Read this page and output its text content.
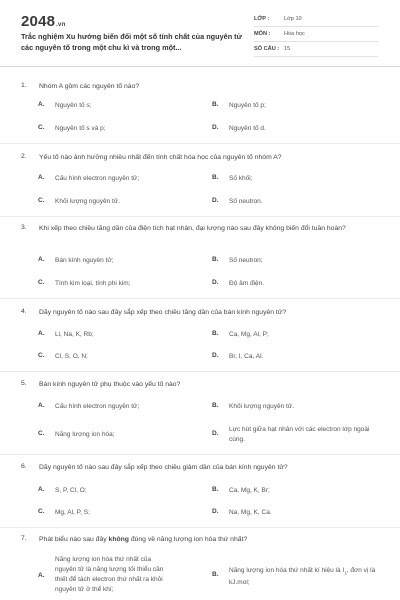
2048.vn
Trắc nghiệm Xu hướng biến đổi một số tính chất của nguyên tử các nguyên tố trong một chu kì và trong một...
LỚP :	Lớp 10
MÔN : Hóa học
SỐ CÂU : 15
1. Nhóm A gồm các nguyên tố nào?
A. Nguyên tố s;	B. Nguyên tố p;
C. Nguyên tố s và p;	D. Nguyên tố d.
2. Yếu tố nào ảnh hưởng nhiều nhất đến tính chất hóa học của nguyên tố nhóm A?
A. Cấu hình electron nguyên tử;	B. Số khối;
C. Khối lượng nguyên tử.	D. Số neutron.
3. Khi xếp theo chiều tăng dần của điện tích hạt nhân, đại lượng nào sau đây không biến đổi tuần hoàn?
A. Bán kính nguyên tử;	B. Số neutron;
C. Tính kim loại, tính phi kim;	D. Độ âm điện.
4. Dãy nguyên tố nào sau đây sắp xếp theo chiều tăng dần của bán kính nguyên tử?
A. Li, Na, K, Rb;	B. Ca, Mg, Al, P;
C. Cl, S, O, N;	D. Br, I, Ca, Al.
5. Bán kính nguyên tử phụ thuộc vào yếu tố nào?
A. Cấu hình electron nguyên tử;	B. Khối lượng nguyên tử.
C. Năng lượng ion hóa;	D.
Lực hút giữa hạt nhân với các electron lớp ngoài cùng.
6. Dãy nguyên tố nào sau đây sắp xếp theo chiều giảm dần của bán kính nguyên tử?
A. S, P, Cl, O;	B. Ca, Mg, K, Br;
C. Mg, Al, P, S;	D. Na, Mg, K, Ca.
7. Phát biểu nào sau đây không đúng về năng lượng ion hóa thứ nhất?
A.
Năng lượng ion hóa thứ nhất của nguyên tử là năng lượng tối thiểu cần thiết để tách electron thứ nhất ra khỏi nguyên tử ở thể khí;
B.
Năng lượng ion hóa thứ nhất kí hiệu là $I_1$, đơn vị là kJ.mol;
